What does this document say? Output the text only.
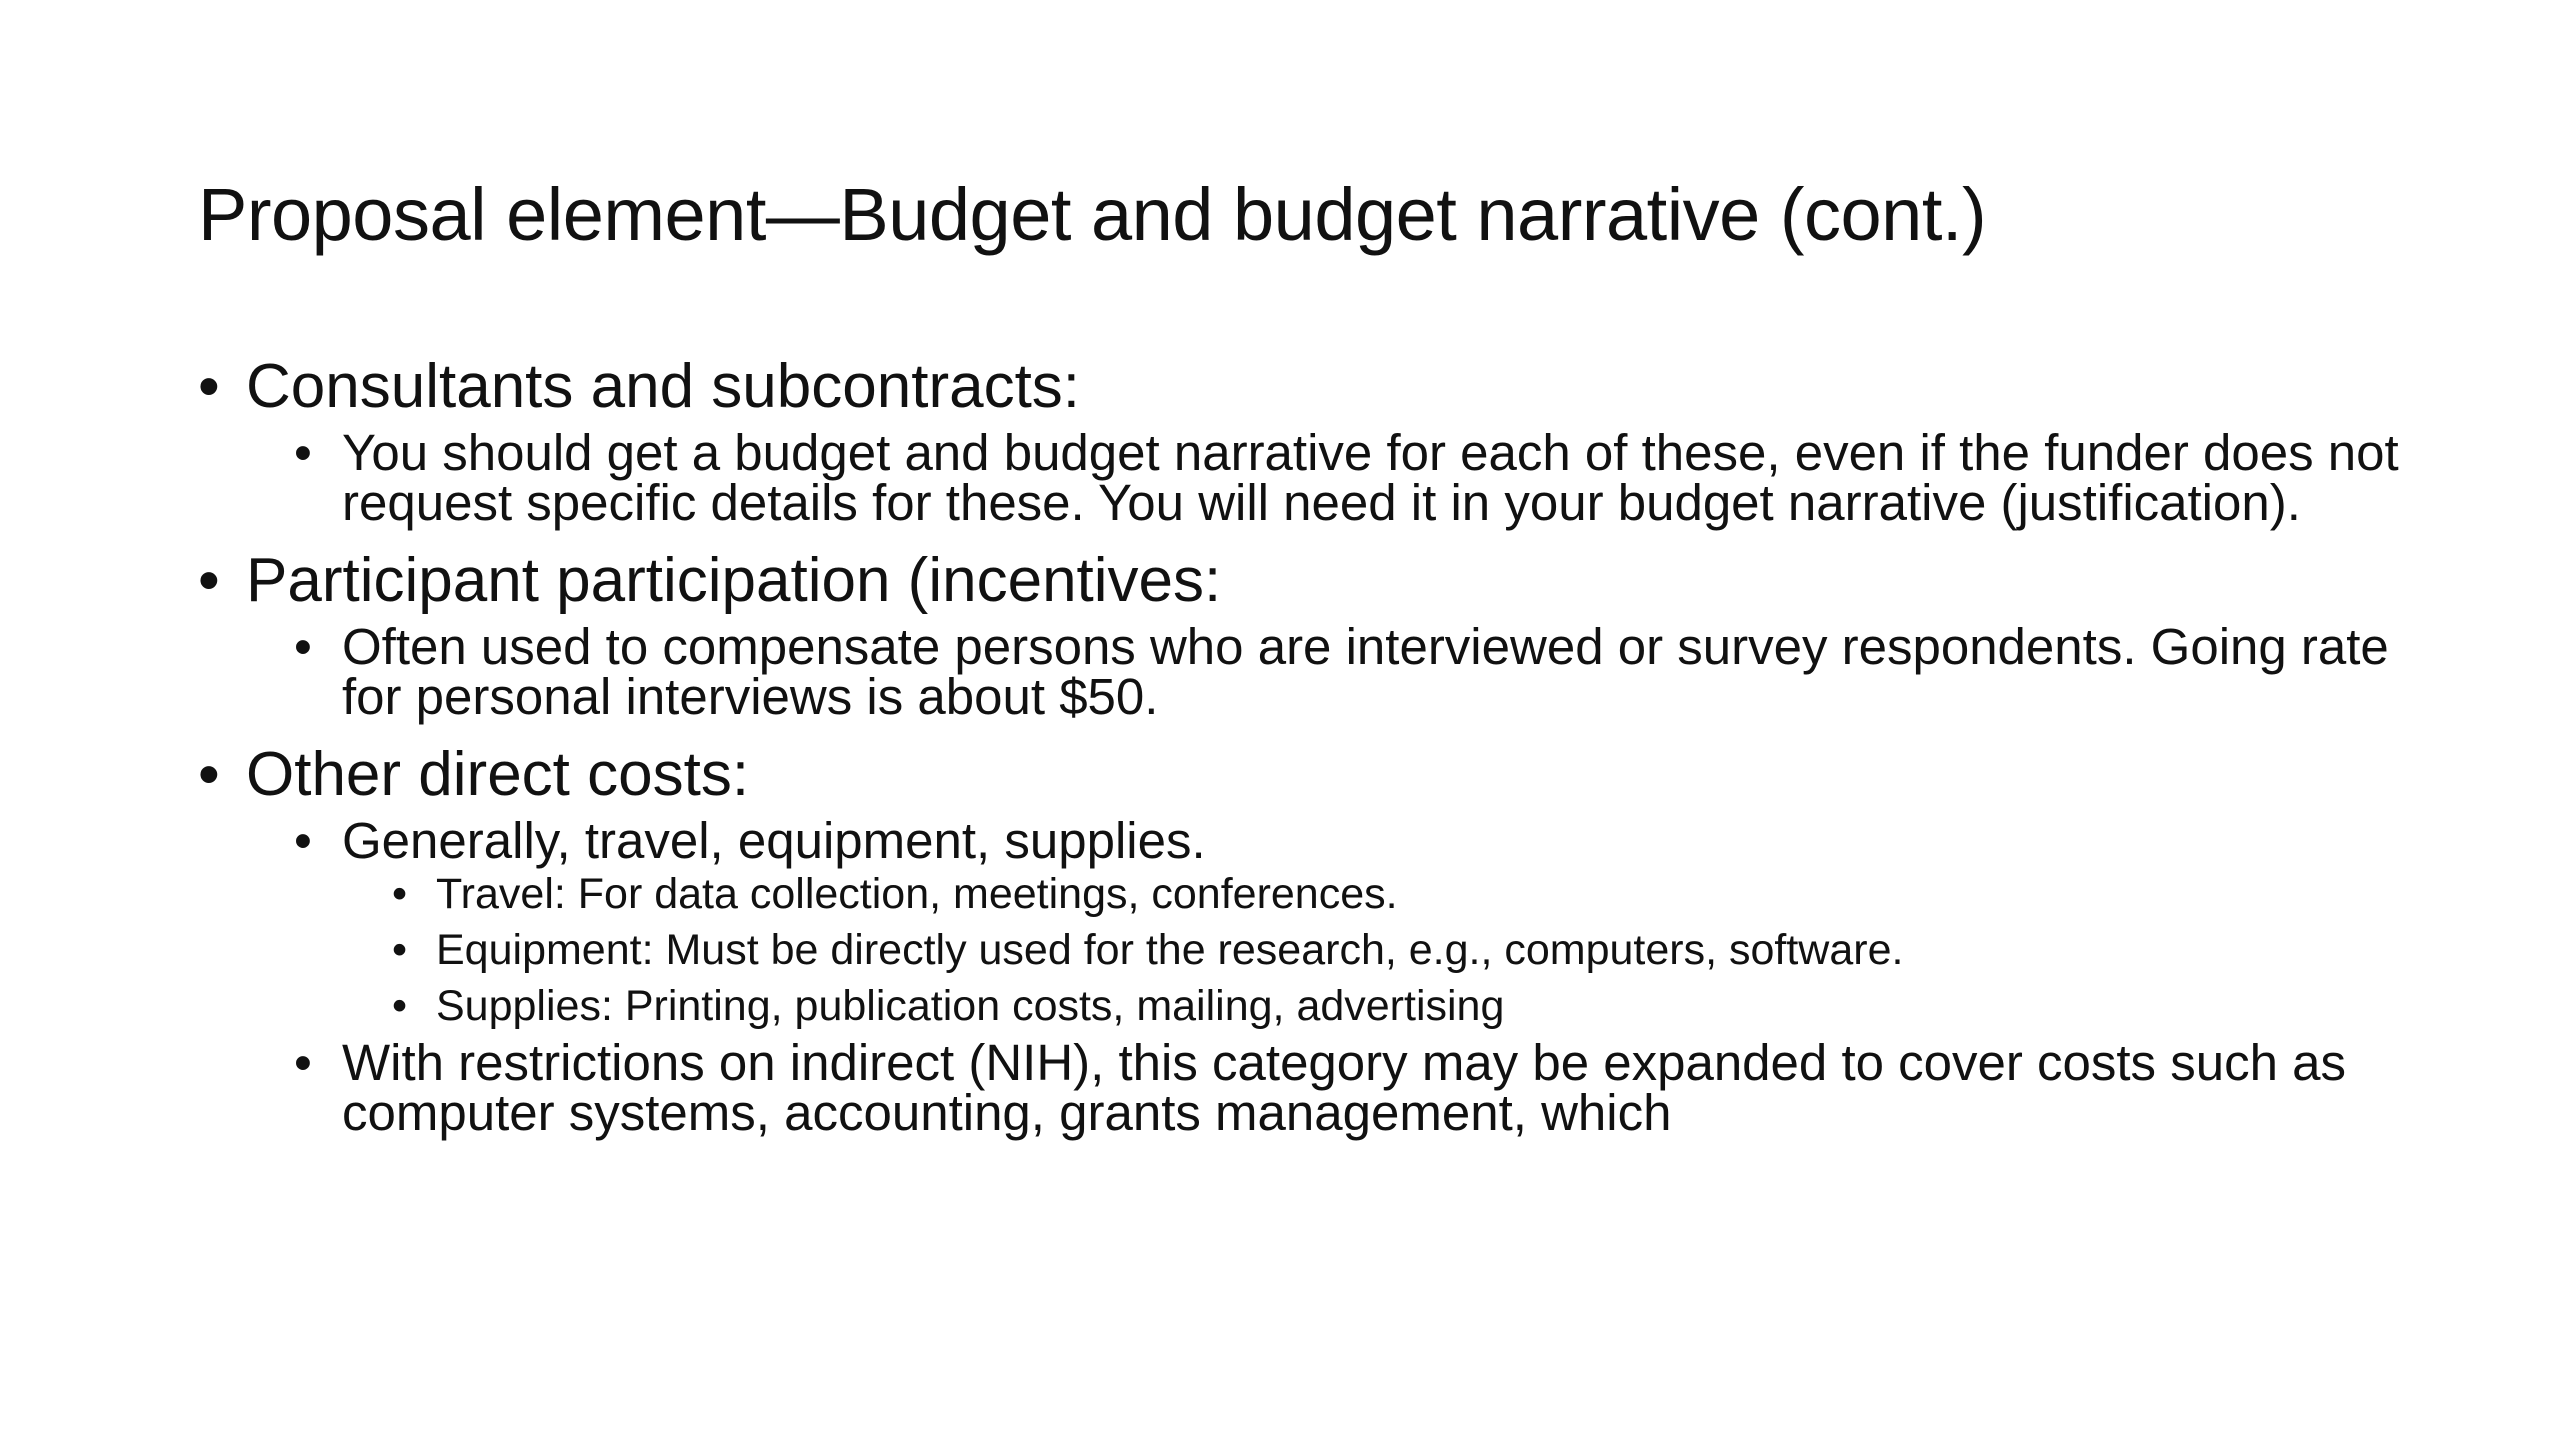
Proposal element—Budget and budget narrative (cont.)
• Consultants and subcontracts:
• You should get a budget and budget narrative for each of these, even if the funder does not request specific details for these. You will need it in your budget narrative (justification).
• Participant participation (incentives:
• Often used to compensate persons who are interviewed or survey respondents. Going rate for personal interviews is about $50.
• Other direct costs:
• Generally, travel, equipment, supplies.
• Travel: For data collection, meetings, conferences.
• Equipment: Must be directly used for the research, e.g., computers, software.
• Supplies: Printing, publication costs, mailing, advertising
• With restrictions on indirect (NIH), this category may be expanded to cover costs such as computer systems, accounting, grants management, which
